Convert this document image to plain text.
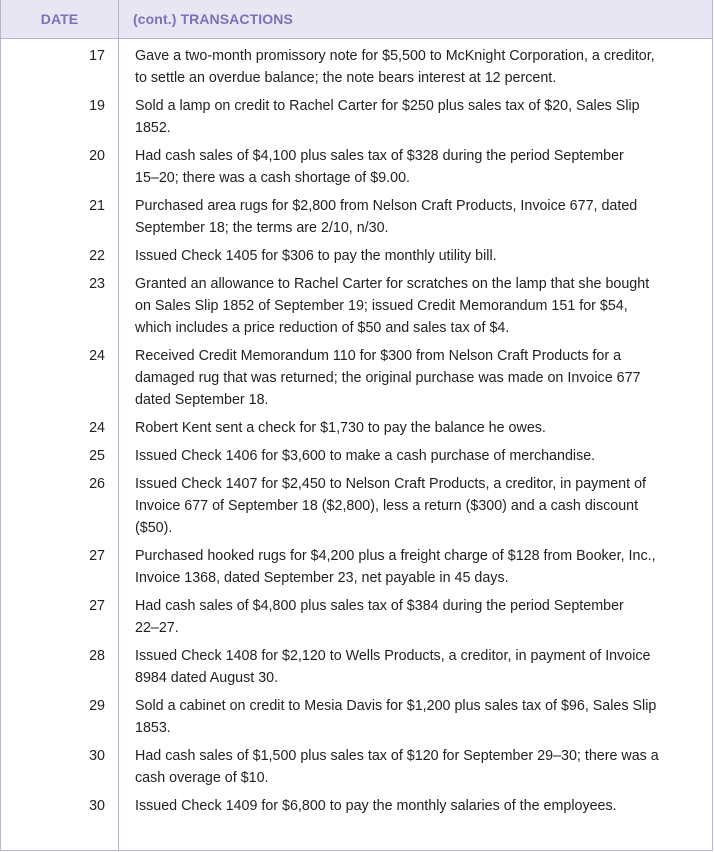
DATE	(cont.) TRANSACTIONS
17 Gave a two-month promissory note for $5,500 to McKnight Corporation, a creditor,
to settle an overdue balance; the note bears interest at 12 percent.
19 Sold a lamp on credit to Rachel Carter for $250 plus sales tax of $20, Sales Slip
1852.
20 Had cash sales of $4,100 plus sales tax of $328 during the period September
15–20; there was a cash shortage of $9.00.
21 Purchased area rugs for $2,800 from Nelson Craft Products, Invoice 677, dated
September 18; the terms are 2/10, n/30.
22 Issued Check 1405 for $306 to pay the monthly utility bill.
23 Granted an allowance to Rachel Carter for scratches on the lamp that she bought
on Sales Slip 1852 of September 19; issued Credit Memorandum 151 for $54,
which includes a price reduction of $50 and sales tax of $4.
24 Received Credit Memorandum 110 for $300 from Nelson Craft Products for a
damaged rug that was returned; the original purchase was made on Invoice 677
dated September 18.
24 Robert Kent sent a check for $1,730 to pay the balance he owes.
25 Issued Check 1406 for $3,600 to make a cash purchase of merchandise.
26 Issued Check 1407 for $2,450 to Nelson Craft Products, a creditor, in payment of
Invoice 677 of September 18 ($2,800), less a return ($300) and a cash discount
($50).
27 Purchased hooked rugs for $4,200 plus a freight charge of $128 from Booker, Inc.,
Invoice 1368, dated September 23, net payable in 45 days.
27 Had cash sales of $4,800 plus sales tax of $384 during the period September
22–27.
28 Issued Check 1408 for $2,120 to Wells Products, a creditor, in payment of Invoice
8984 dated August 30.
29 Sold a cabinet on credit to Mesia Davis for $1,200 plus sales tax of $96, Sales Slip
1853.
30 Had cash sales of $1,500 plus sales tax of $120 for September 29–30; there was a
cash overage of $10.
30 Issued Check 1409 for $6,800 to pay the monthly salaries of the employees.
